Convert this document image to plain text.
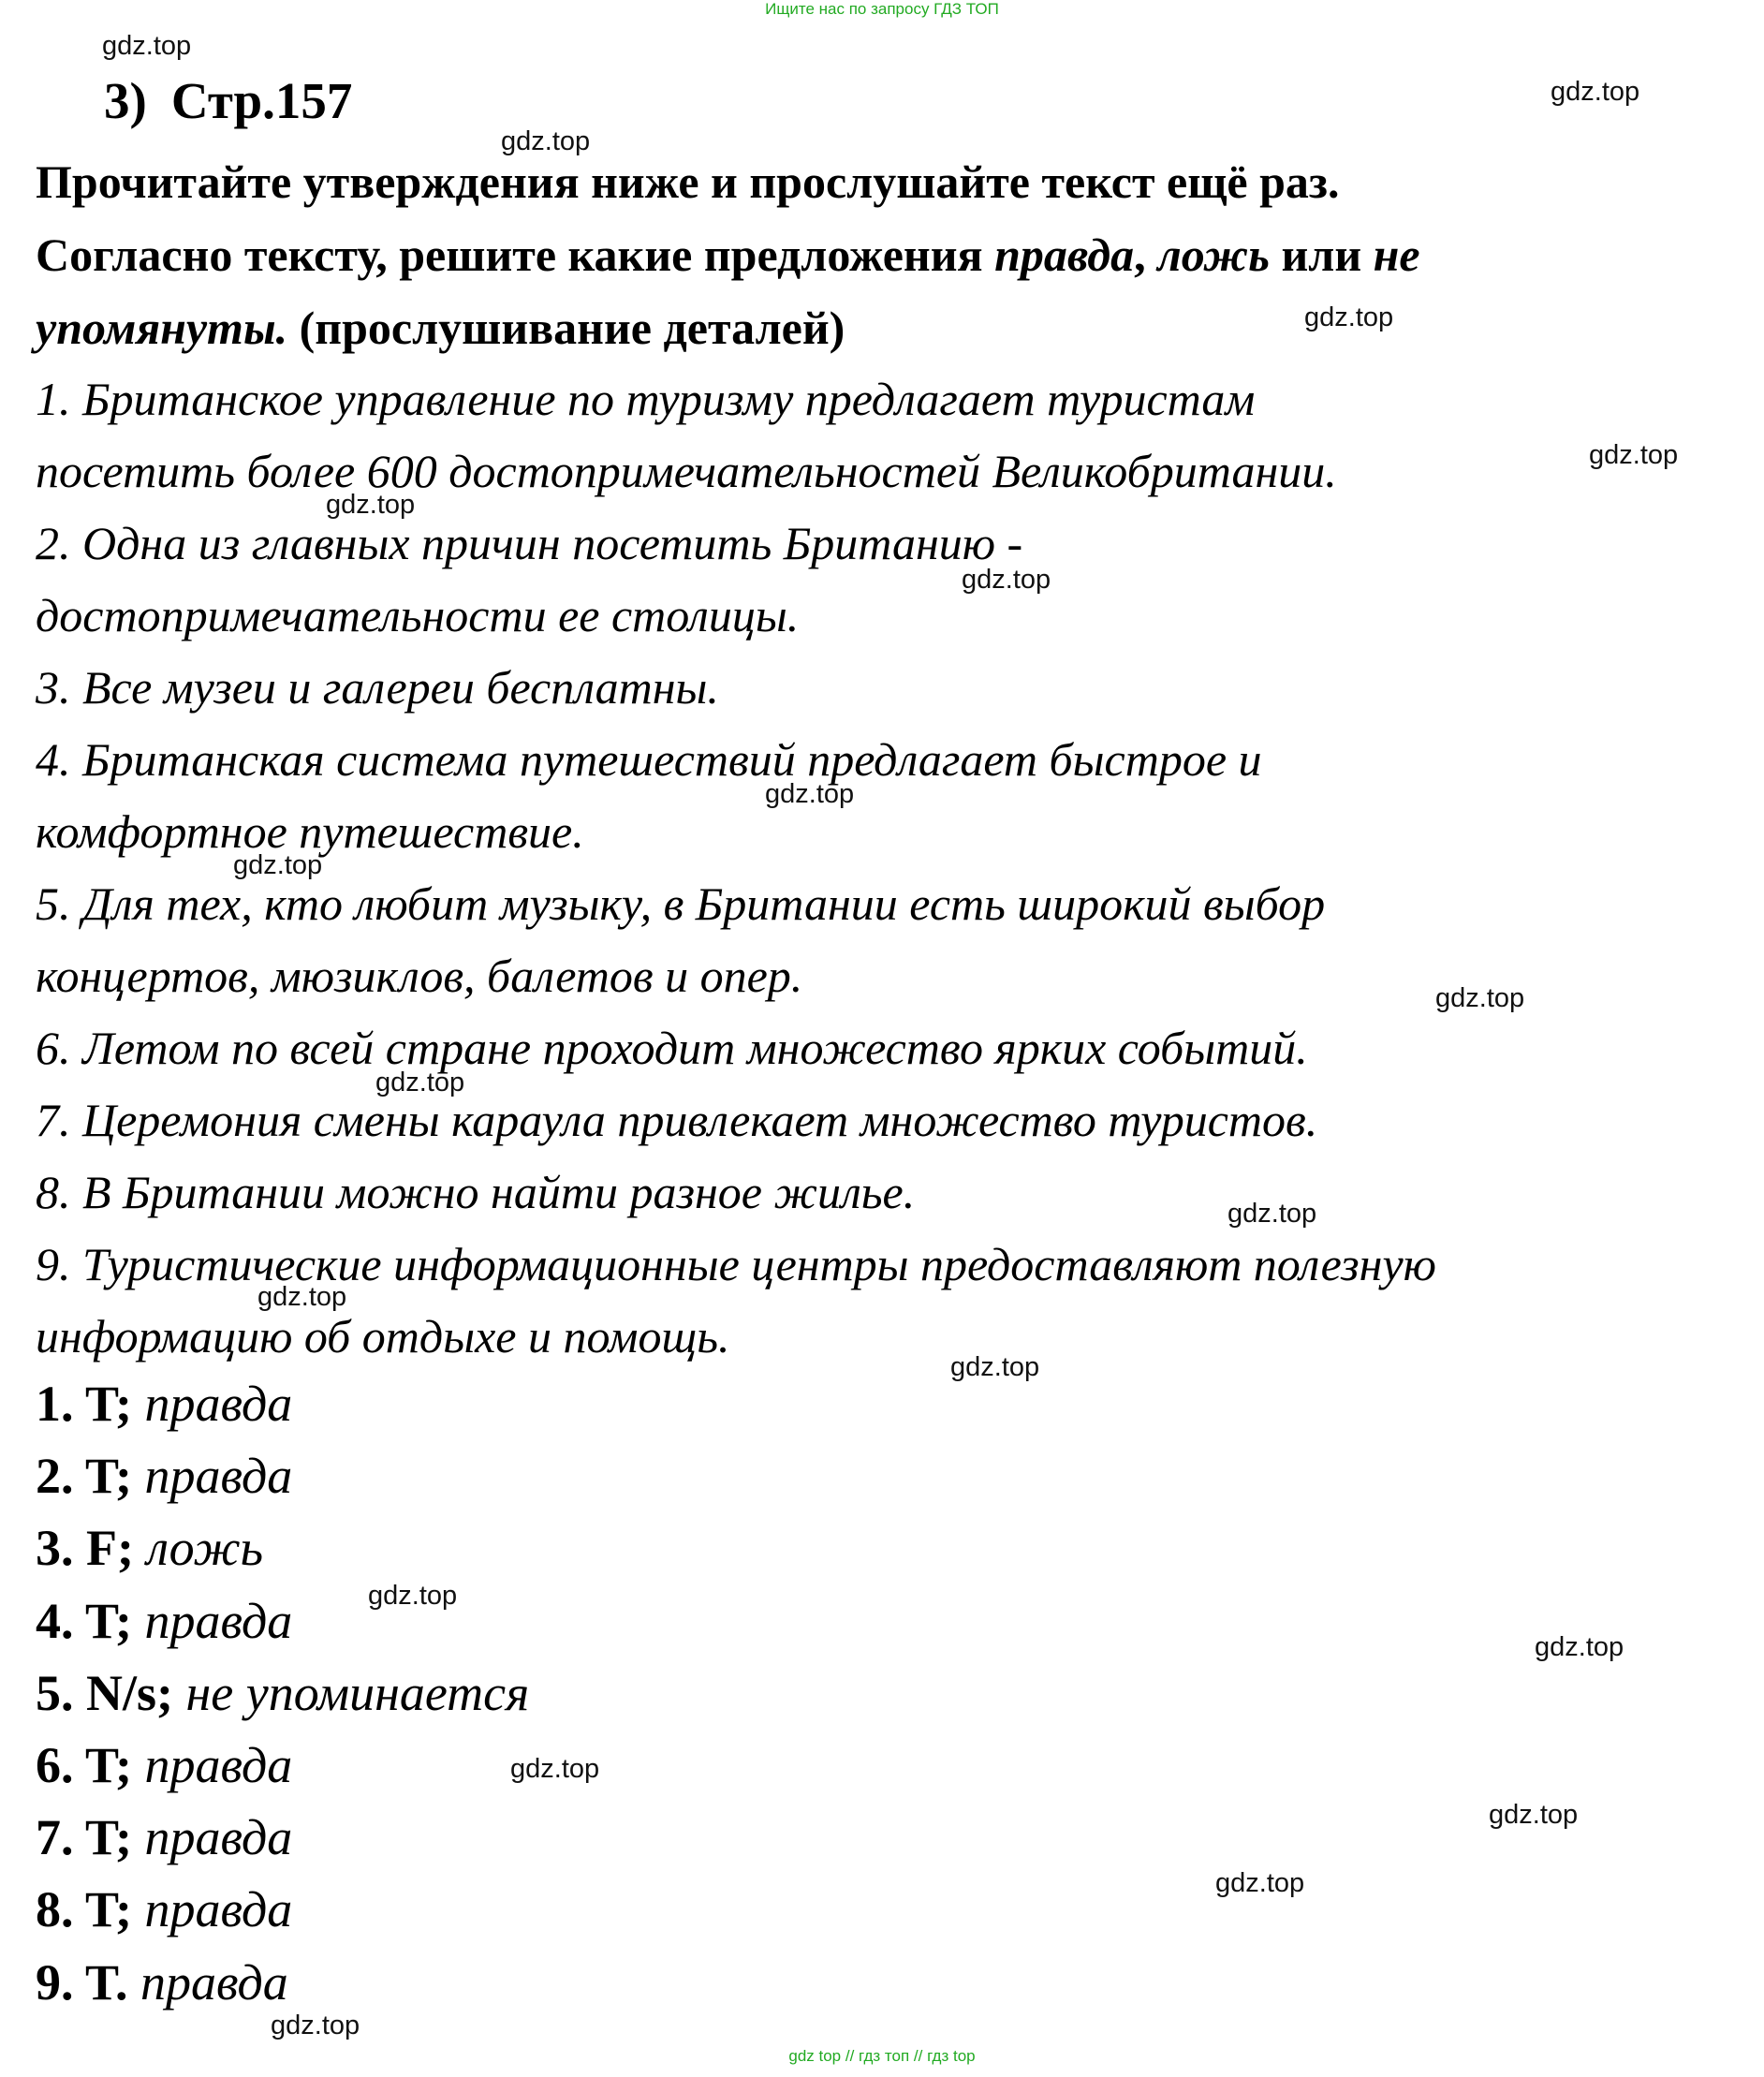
Ищите нас по запросу ГДЗ ТОП
gdz.top
gdz.top
gdz.top
gdz.top
gdz.top
gdz.top
gdz.top
gdz.top
gdz.top
gdz.top
gdz.top
gdz.top
gdz.top
gdz.top
gdz.top
gdz.top
gdz.top
gdz.top
gdz.top
gdz.top
3) Стр.157
Прочитайте утверждения ниже и прослушайте текст ещё раз.
Согласно тексту, решите какие предложения правда, ложь или не
упомянуты. (прослушивание деталей)
1. Британское управление по туризму предлагает туристам
посетить более 600 достопримечательностей Великобритании.
2. Одна из главных причин посетить Британию -
достопримечательности ее столицы.
3. Все музеи и галереи бесплатны.
4. Британская система путешествий предлагает быстрое и
комфортное путешествие.
5. Для тех, кто любит музыку, в Британии есть широкий выбор
концертов, мюзиклов, балетов и опер.
6. Летом по всей стране проходит множество ярких событий.
7. Церемония смены караула привлекает множество туристов.
8. В Британии можно найти разное жилье.
9. Туристические информационные центры предоставляют полезную
информацию об отдыхе и помощь.
1. T; правда
2. T; правда
3. F; ложь
4. T; правда
5. N/s; не упоминается
6. T; правда
7. T; правда
8. T; правда
9. T. правда
gdz top // гдз топ // гдз top
